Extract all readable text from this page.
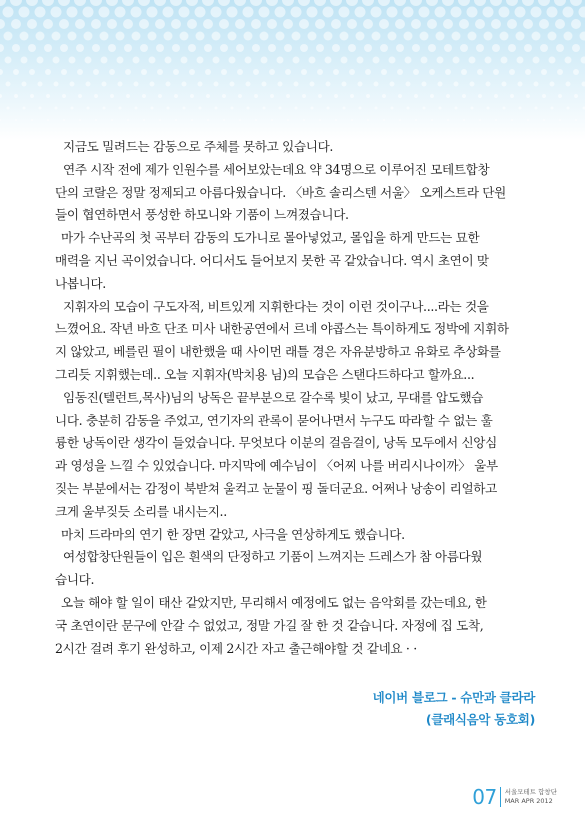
지금도 밀려드는 감동으로 주체를 못하고 있습니다.
연주 시작 전에 제가 인원수를 세어보았는데요 약 34명으로 이루어진 모테트합창
단의 코랄은 정말 정제되고 아름다웠습니다. 〈바흐 솔리스텐 서울〉 오케스트라 단원
들이 협연하면서 풍성한 하모니와 기품이 느껴졌습니다.
마가 수난곡의 첫 곡부터 감동의 도가니로 몰아넣었고, 몰입을 하게 만드는 묘한
매력을 지닌 곡이었습니다. 어디서도 들어보지 못한 곡 같았습니다. 역시 초연이 맞
나봅니다.
지휘자의 모습이 구도자적, 비트있게 지휘한다는 것이 이런 것이구나....라는 것을
느꼈어요. 작년 바흐 단조 미사 내한공연에서 르네 야콥스는 특이하게도 정박에 지휘하
지 않았고, 베를린 필이 내한했을 때 사이먼 래틀 경은 자유분방하고 유화로 추상화를
그리듯 지휘했는데.. 오늘 지휘자(박치용 님)의 모습은 스탠다드하다고 할까요...
임동진(텔런트,목사)님의 낭독은 끝부분으로 갈수록 빛이 났고, 무대를 압도했습
니다. 충분히 감동을 주었고, 연기자의 관록이 묻어나면서 누구도 따라할 수 없는 훌
륭한 낭독이란 생각이 들었습니다. 무엇보다 이분의 걸음걸이, 낭독 모두에서 신앙심
과 영성을 느낄 수 있었습니다. 마지막에 예수님이 〈어찌 나를 버리시나이까〉 울부
짖는 부분에서는 감정이 북받쳐 울컥고 눈물이 핑 돌더군요. 어쩌나 낭송이 리얼하고
크게 울부짖듯 소리를 내시는지..
마치 드라마의 연기 한 장면 같았고, 사극을 연상하게도 했습니다.
여성합창단원들이 입은 흰색의 단정하고 기품이 느껴지는 드레스가 참 아름다웠
습니다.
오늘 해야 할 일이 태산 같았지만, 무리해서 예정에도 없는 음악회를 갔는데요, 한
국 초연이란 문구에 안갈 수 없었고, 정말 가길 잘 한 것 같습니다. 자정에 집 도착,
2시간 걸려 후기 완성하고, 이제 2시간 자고 출근해야할 것 같네요 · ·
네이버 블로그 - 슈만과 클라라
(클래식음악 동호회)
07 서울모테트 합창단
MAR APR 2012
